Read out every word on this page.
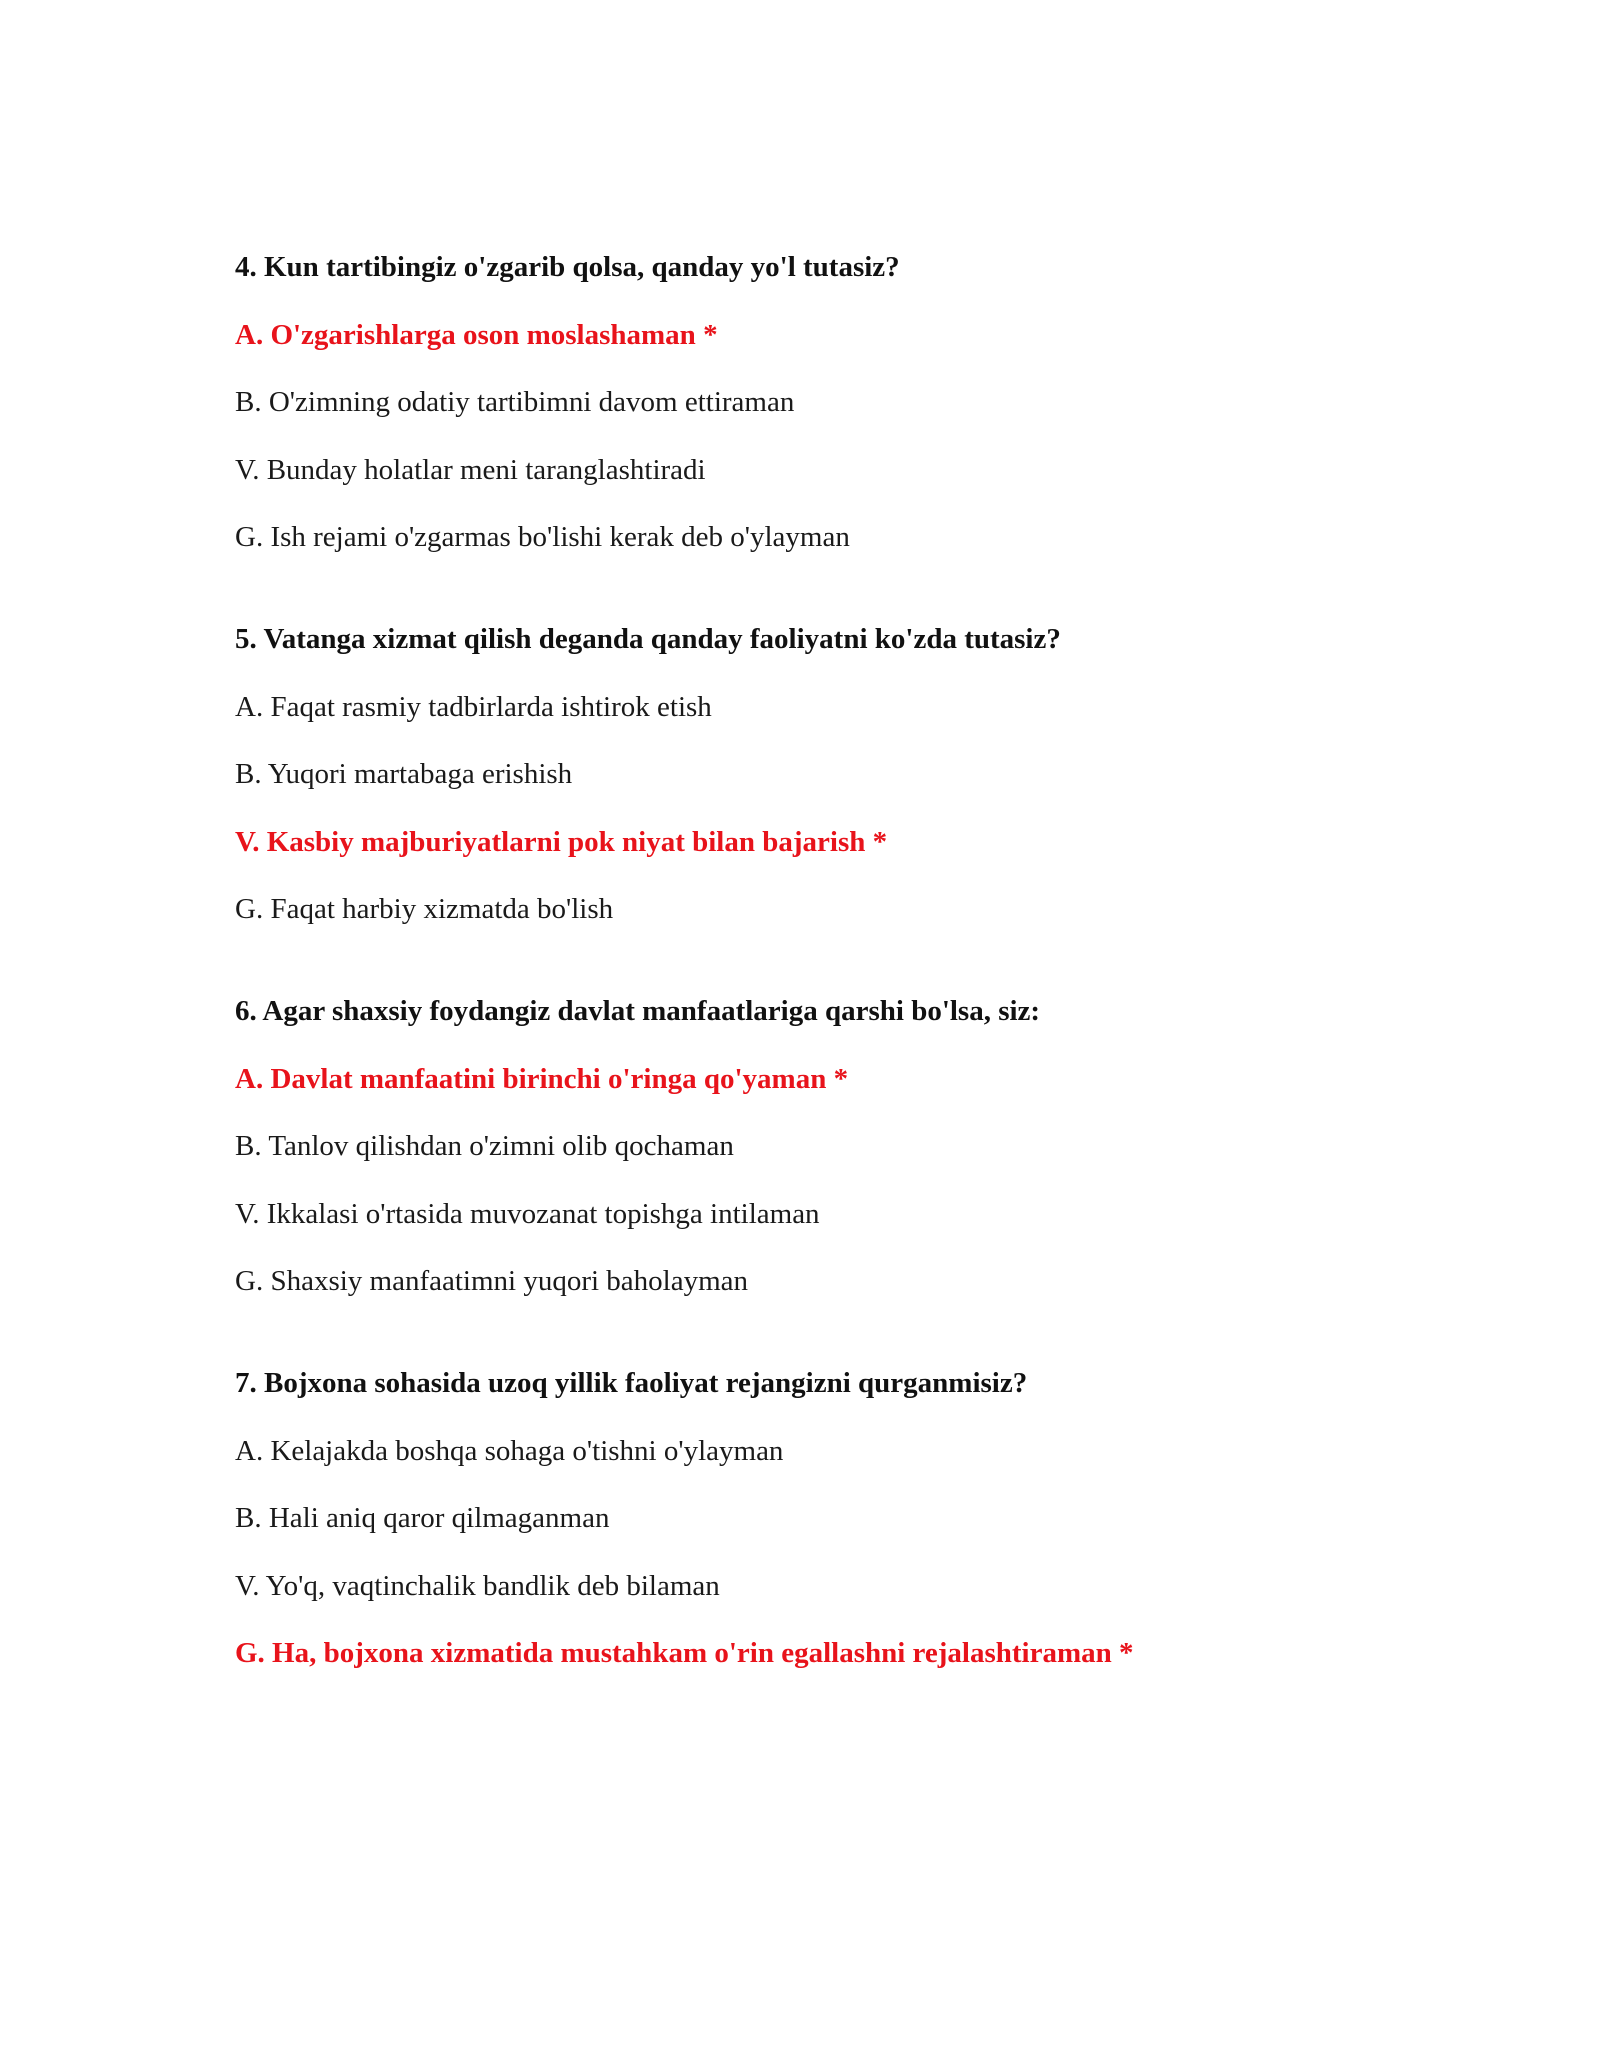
4. Kun tartibingiz o'zgarib qolsa, qanday yo'l tutasiz?
A. O'zgarishlarga oson moslashaman *
B. O'zimning odatiy tartibimni davom ettiraman
V. Bunday holatlar meni taranglashtiradi
G. Ish rejami o'zgarmas bo'lishi kerak deb o'ylayman
5. Vatanga xizmat qilish deganda qanday faoliyatni ko'zda tutasiz?
A. Faqat rasmiy tadbirlarda ishtirok etish
B. Yuqori martabaga erishish
V. Kasbiy majburiyatlarni pok niyat bilan bajarish *
G. Faqat harbiy xizmatda bo'lish
6. Agar shaxsiy foydangiz davlat manfaatlariga qarshi bo'lsa, siz:
A. Davlat manfaatini birinchi o'ringa qo'yaman *
B. Tanlov qilishdan o'zimni olib qochaman
V. Ikkalasi o'rtasida muvozanat topishga intilaman
G. Shaxsiy manfaatimni yuqori baholayman
7. Bojxona sohasida uzoq yillik faoliyat rejangizni qurganmisiz?
A. Kelajakda boshqa sohaga o'tishni o'ylayman
B. Hali aniq qaror qilmaganman
V. Yo'q, vaqtinchalik bandlik deb bilaman
G. Ha, bojxona xizmatida mustahkam o'rin egallashni rejalashtiraman *
